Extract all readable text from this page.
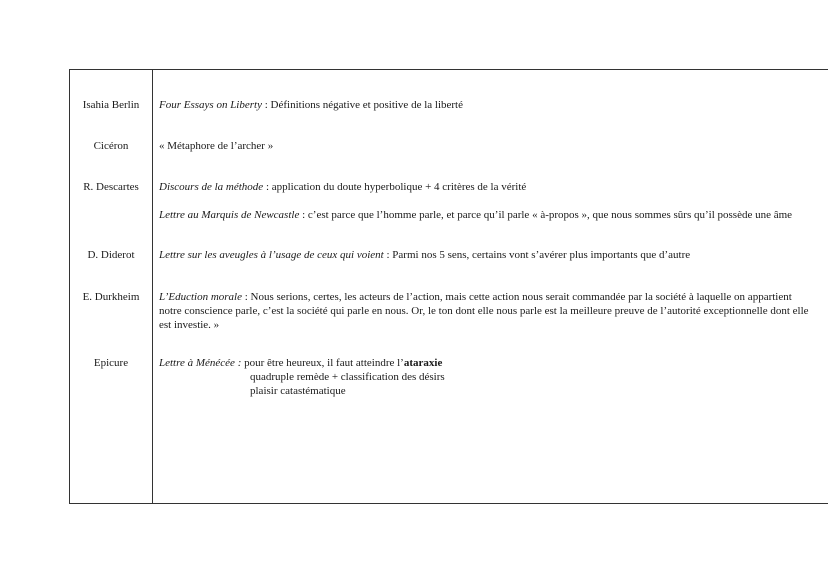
Isahia Berlin	Four Essays on Liberty : Définitions négative et positive de la liberté
Cicéron	« Métaphore de l’archer »
R. Descartes	Discours de la méthode : application du doute hyperbolique + 4 critères de la vérité
Lettre au Marquis de Newcastle : c’est parce que l’homme parle, et parce qu’il parle « à-propos », que nous sommes sûrs qu’il possède une âme
D. Diderot	Lettre sur les aveugles à l’usage de ceux qui voient : Parmi nos 5 sens, certains vont s’avérer plus importants que d’autre
E. Durkheim	L’Eduction morale : Nous serions, certes, les acteurs de l’action, mais cette action nous serait commandée par la société à laquelle on appartient
notre conscience parle, c’est la société qui parle en nous. Or, le ton dont elle nous parle est la meilleure preuve de l’autorité exceptionnelle dont elle
est investie. »
Epicure	Lettre à Ménécée : pour être heureux, il faut atteindre l’ataraxie
quadruple remède + classification des désirs
plaisir catastématique
